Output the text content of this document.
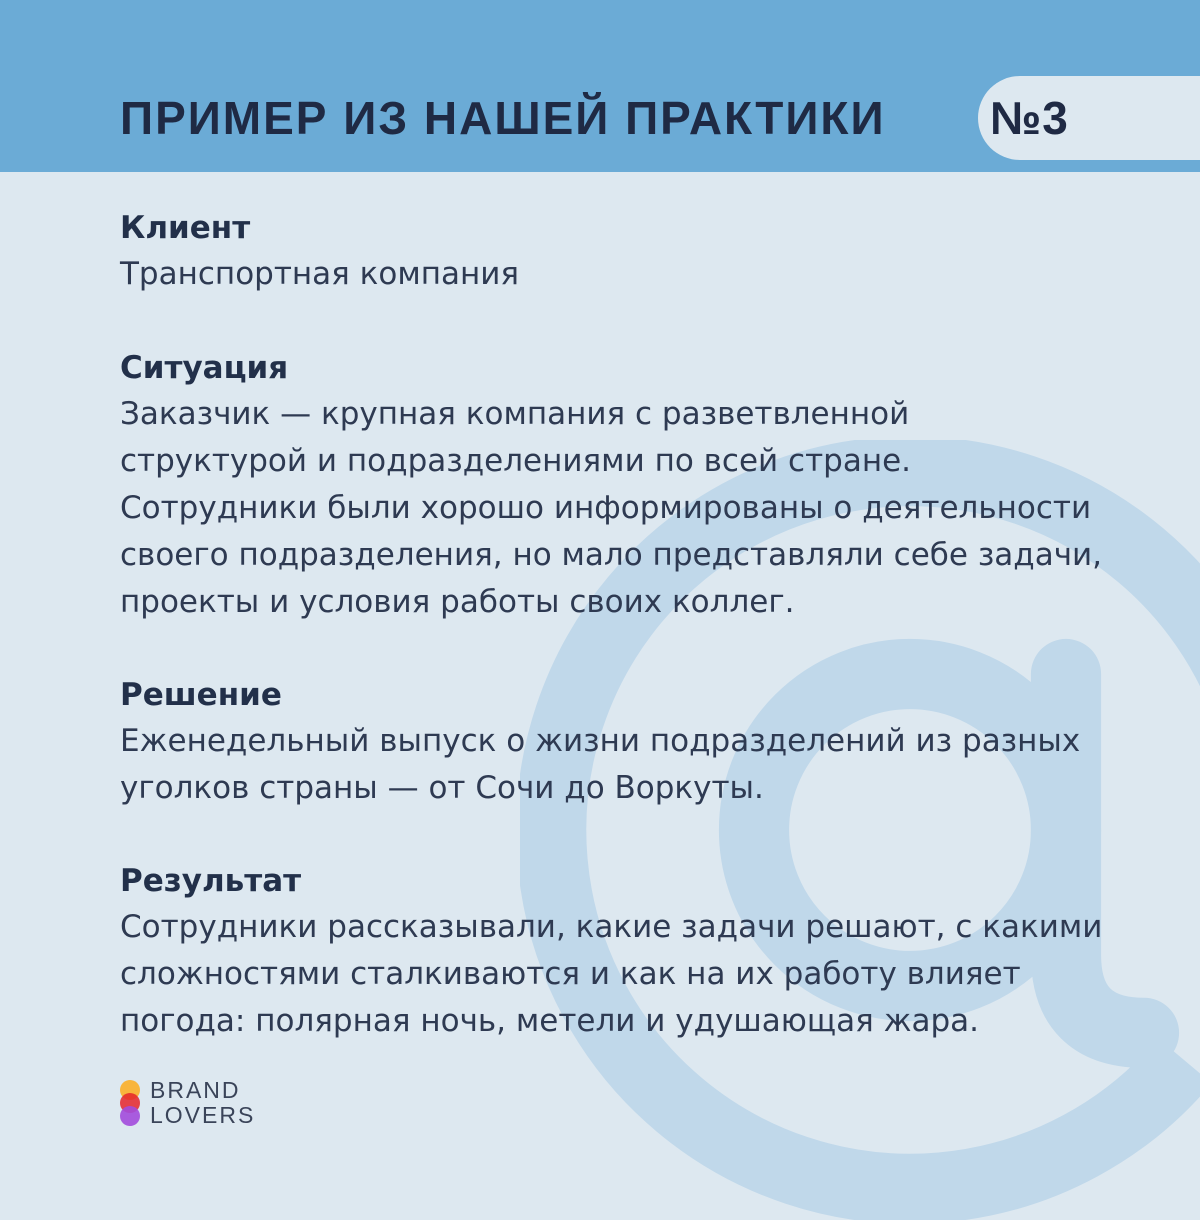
ПРИМЕР ИЗ НАШЕЙ ПРАКТИКИ №3
Клиент
Транспортная компания
Ситуация
Заказчик — крупная компания с разветвленной
структурой и подразделениями по всей стране.
Сотрудники были хорошо информированы о деятельности
своего подразделения, но мало представляли себе задачи,
проекты и условия работы своих коллег.
Решение
Еженедельный выпуск о жизни подразделений из разных
уголков страны — от Сочи до Воркуты.
Результат
Сотрудники рассказывали, какие задачи решают, с какими
сложностями сталкиваются и как на их работу влияет
погода: полярная ночь, метели и удушающая жара.
BRAND
LOVERS
